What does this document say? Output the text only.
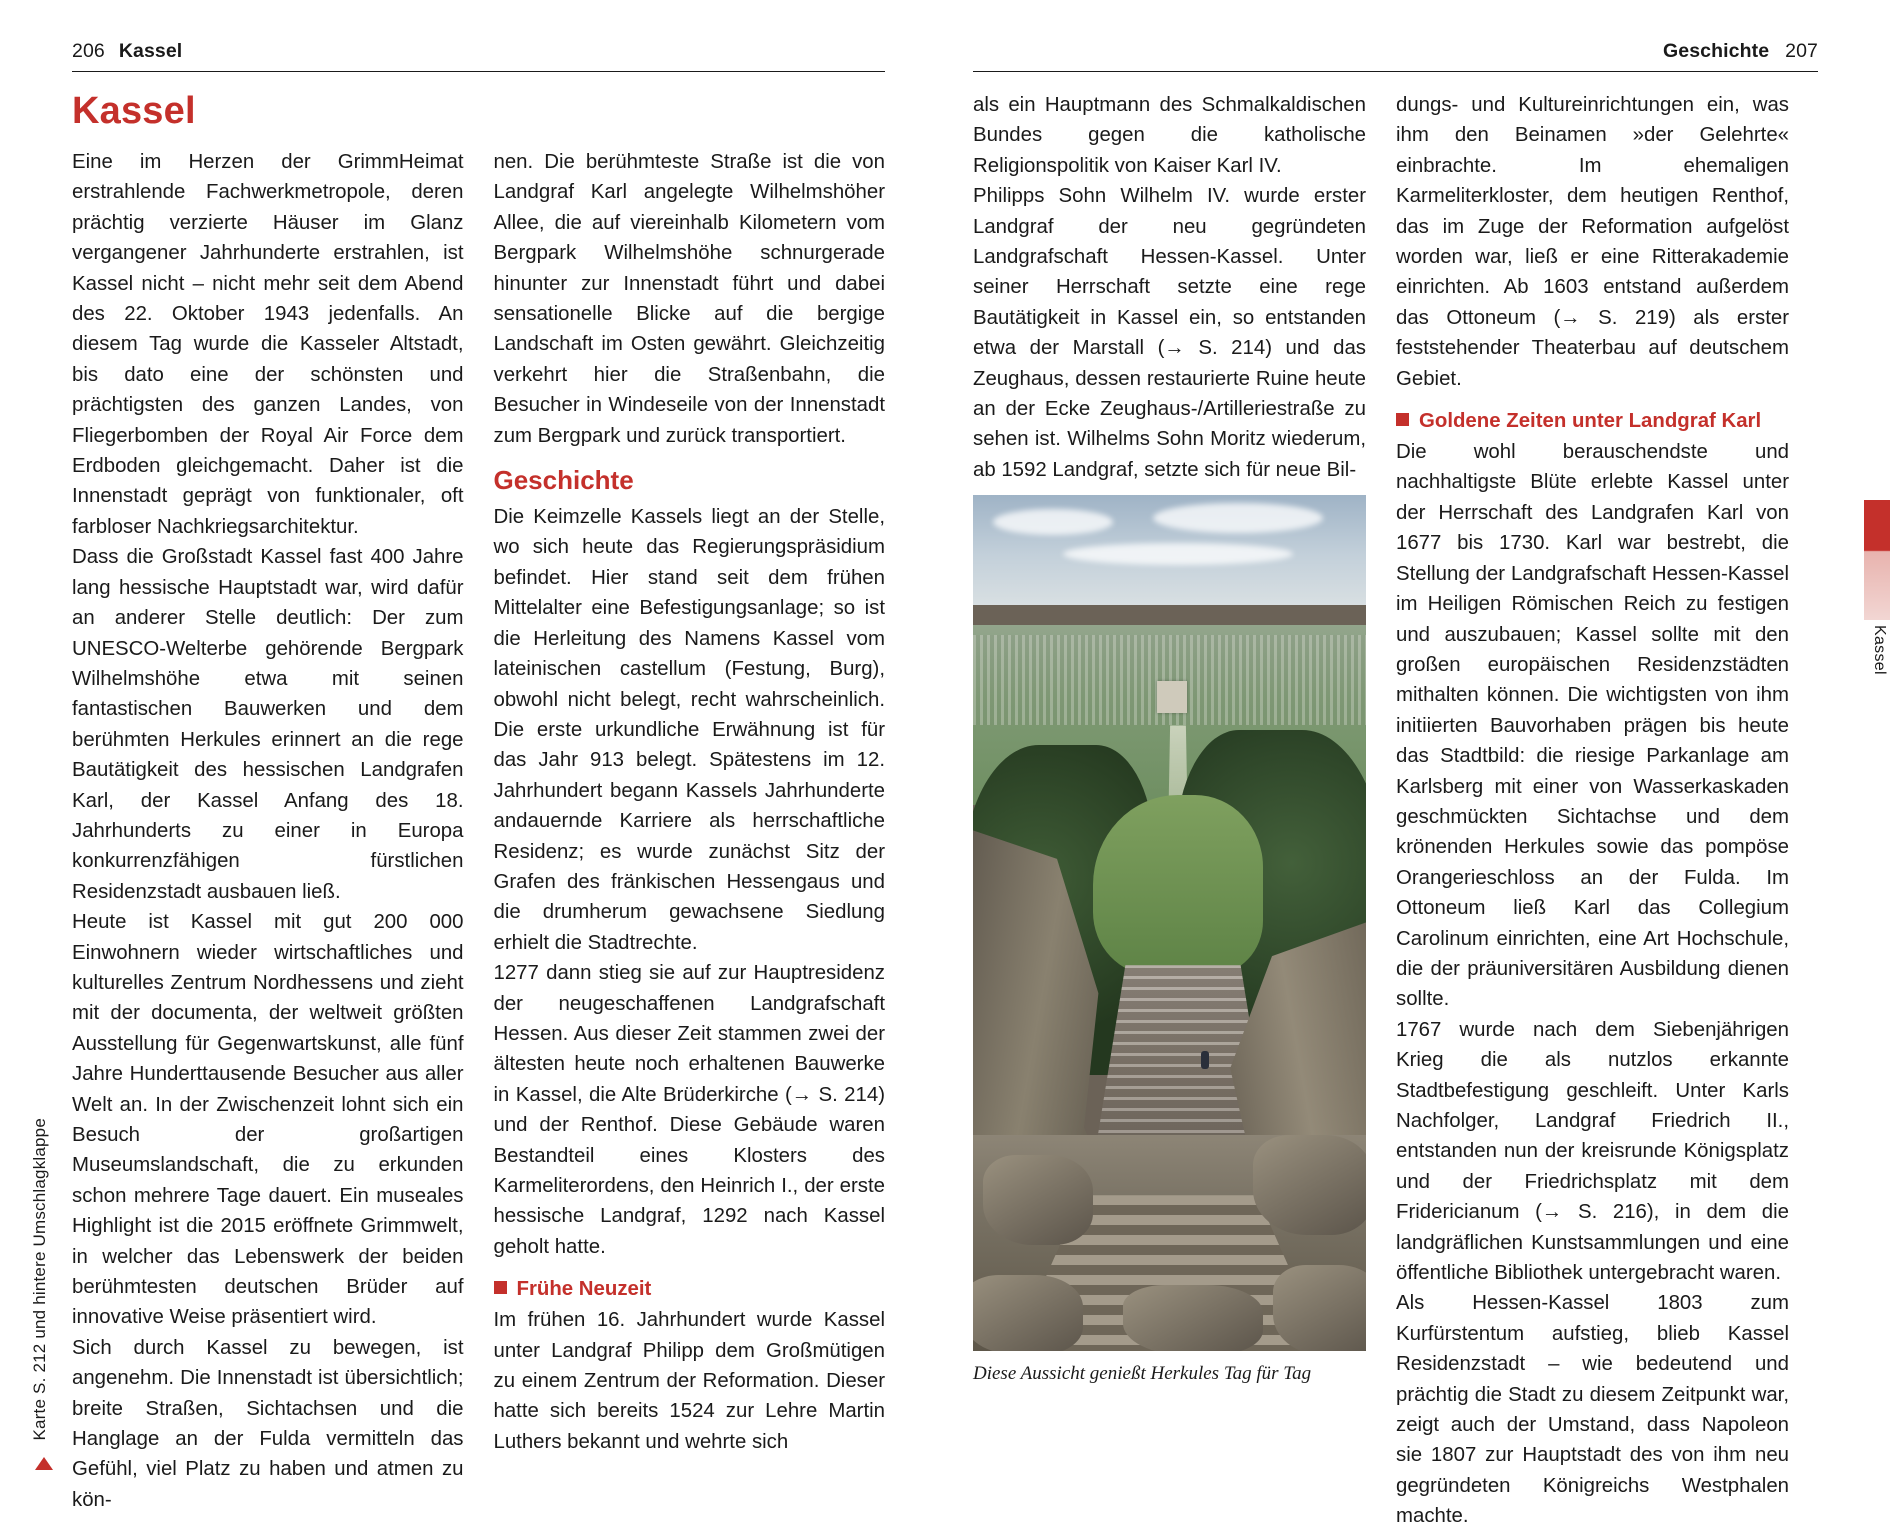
206 Kassel
Kassel

Eine im Herzen der GrimmHeimat erstrahlende Fachwerkmetropole, deren prächtig verzierte Häuser im Glanz vergangener Jahrhunderte erstrahlen, ist Kassel nicht – nicht mehr seit dem Abend des 22. Oktober 1943 jedenfalls. An diesem Tag wurde die Kasseler Altstadt, bis dato eine der schönsten und prächtigsten des ganzen Landes, von Fliegerbomben der Royal Air Force dem Erdboden gleichgemacht. Daher ist die Innenstadt geprägt von funktionaler, oft farbloser Nachkriegsarchitektur.

Dass die Großstadt Kassel fast 400 Jahre lang hessische Hauptstadt war, wird dafür an anderer Stelle deutlich: Der zum UNESCO-Welterbe gehörende Bergpark Wilhelmshöhe etwa mit seinen fantastischen Bauwerken und dem berühmten Herkules erinnert an die rege Bautätigkeit des hessischen Landgrafen Karl, der Kassel Anfang des 18. Jahrhunderts zu einer in Europa konkurrenzfähigen fürstlichen Residenzstadt ausbauen ließ.

Heute ist Kassel mit gut 200 000 Einwohnern wieder wirtschaftliches und kulturelles Zentrum Nordhessens und zieht mit der documenta, der weltweit größten Ausstellung für Gegenwartskunst, alle fünf Jahre Hunderttausende Besucher aus aller Welt an. In der Zwischenzeit lohnt sich ein Besuch der großartigen Museumslandschaft, die zu erkunden schon mehrere Tage dauert. Ein museales Highlight ist die 2015 eröffnete Grimmwelt, in welcher das Lebenswerk der beiden berühmtesten deutschen Brüder auf innovative Weise präsentiert wird.

Sich durch Kassel zu bewegen, ist angenehm. Die Innenstadt ist übersichtlich; breite Straßen, Sichtachsen und die Hanglage an der Fulda vermitteln das Gefühl, viel Platz zu haben und atmen zu kön-

nen. Die berühmteste Straße ist die von Landgraf Karl angelegte Wilhelmshöher Allee, die auf viereinhalb Kilometern vom Bergpark Wilhelmshöhe schnurgerade hinunter zur Innenstadt führt und dabei sensationelle Blicke auf die bergige Landschaft im Osten gewährt. Gleichzeitig verkehrt hier die Straßenbahn, die Besucher in Windeseile von der Innenstadt zum Bergpark und zurück transportiert.

Geschichte

Die Keimzelle Kassels liegt an der Stelle, wo sich heute das Regierungspräsidium befindet. Hier stand seit dem frühen Mittelalter eine Befestigungsanlage; so ist die Herleitung des Namens Kassel vom lateinischen castellum (Festung, Burg), obwohl nicht belegt, recht wahrscheinlich. Die erste urkundliche Erwähnung ist für das Jahr 913 belegt. Spätestens im 12. Jahrhundert begann Kassels Jahrhunderte andauernde Karriere als herrschaftliche Residenz; es wurde zunächst Sitz der Grafen des fränkischen Hessengaus und die drumherum gewachsene Siedlung erhielt die Stadtrechte.

1277 dann stieg sie auf zur Hauptresidenz der neugeschaffenen Landgrafschaft Hessen. Aus dieser Zeit stammen zwei der ältesten heute noch erhaltenen Bauwerke in Kassel, die Alte Brüderkirche (→ S. 214) und der Renthof. Diese Gebäude waren Bestandteil eines Klosters des Karmeliterordens, den Heinrich I., der erste hessische Landgraf, 1292 nach Kassel geholt hatte.

Frühe Neuzeit

Im frühen 16. Jahrhundert wurde Kassel unter Landgraf Philipp dem Großmütigen zu einem Zentrum der Reformation. Dieser hatte sich bereits 1524 zur Lehre Martin Luthers bekannt und wehrte sich

Karte S. 212 und hintere Umschlagklappe
Geschichte 207

als ein Hauptmann des Schmalkaldischen Bundes gegen die katholische Religionspolitik von Kaiser Karl IV.

Philipps Sohn Wilhelm IV. wurde erster Landgraf der neu gegründeten Landgrafschaft Hessen-Kassel. Unter seiner Herrschaft setzte eine rege Bautätigkeit in Kassel ein, so entstanden etwa der Marstall (→ S. 214) und das Zeughaus, dessen restaurierte Ruine heute an der Ecke Zeughaus-/Artilleriestraße zu sehen ist. Wilhelms Sohn Moritz wiederum, ab 1592 Landgraf, setzte sich für neue Bil-

Diese Aussicht genießt Herkules Tag für Tag

dungs- und Kultureinrichtungen ein, was ihm den Beinamen »der Gelehrte« einbrachte. Im ehemaligen Karmeliterkloster, dem heutigen Renthof, das im Zuge der Reformation aufgelöst worden war, ließ er eine Ritterakademie einrichten. Ab 1603 entstand außerdem das Ottoneum (→ S. 219) als erster feststehender Theaterbau auf deutschem Gebiet.

Goldene Zeiten unter Landgraf Karl

Die wohl berauschendste und nachhaltigste Blüte erlebte Kassel unter der Herrschaft des Landgrafen Karl von 1677 bis 1730. Karl war bestrebt, die Stellung der Landgrafschaft Hessen-Kassel im Heiligen Römischen Reich zu festigen und auszubauen; Kassel sollte mit den großen europäischen Residenzstädten mithalten können. Die wichtigsten von ihm initiierten Bauvorhaben prägen bis heute das Stadtbild: die riesige Parkanlage am Karlsberg mit einer von Wasserkaskaden geschmückten Sichtachse und dem krönenden Herkules sowie das pompöse Orangerieschloss an der Fulda. Im Ottoneum ließ Karl das Collegium Carolinum einrichten, eine Art Hochschule, die der präuniversitären Ausbildung dienen sollte.

1767 wurde nach dem Siebenjährigen Krieg die als nutzlos erkannte Stadtbefestigung geschleift. Unter Karls Nachfolger, Landgraf Friedrich II., entstanden nun der kreisrunde Königsplatz und der Friedrichsplatz mit dem Fridericianum (→ S. 216), in dem die landgräflichen Kunstsammlungen und eine öffentliche Bibliothek untergebracht waren.

Als Hessen-Kassel 1803 zum Kurfürstentum aufstieg, blieb Kassel Residenzstadt – wie bedeutend und prächtig die Stadt zu diesem Zeitpunkt war, zeigt auch der Umstand, dass Napoleon sie 1807 zur Hauptstadt des von ihm neu gegründeten Königreichs Westphalen machte.

Kassel
